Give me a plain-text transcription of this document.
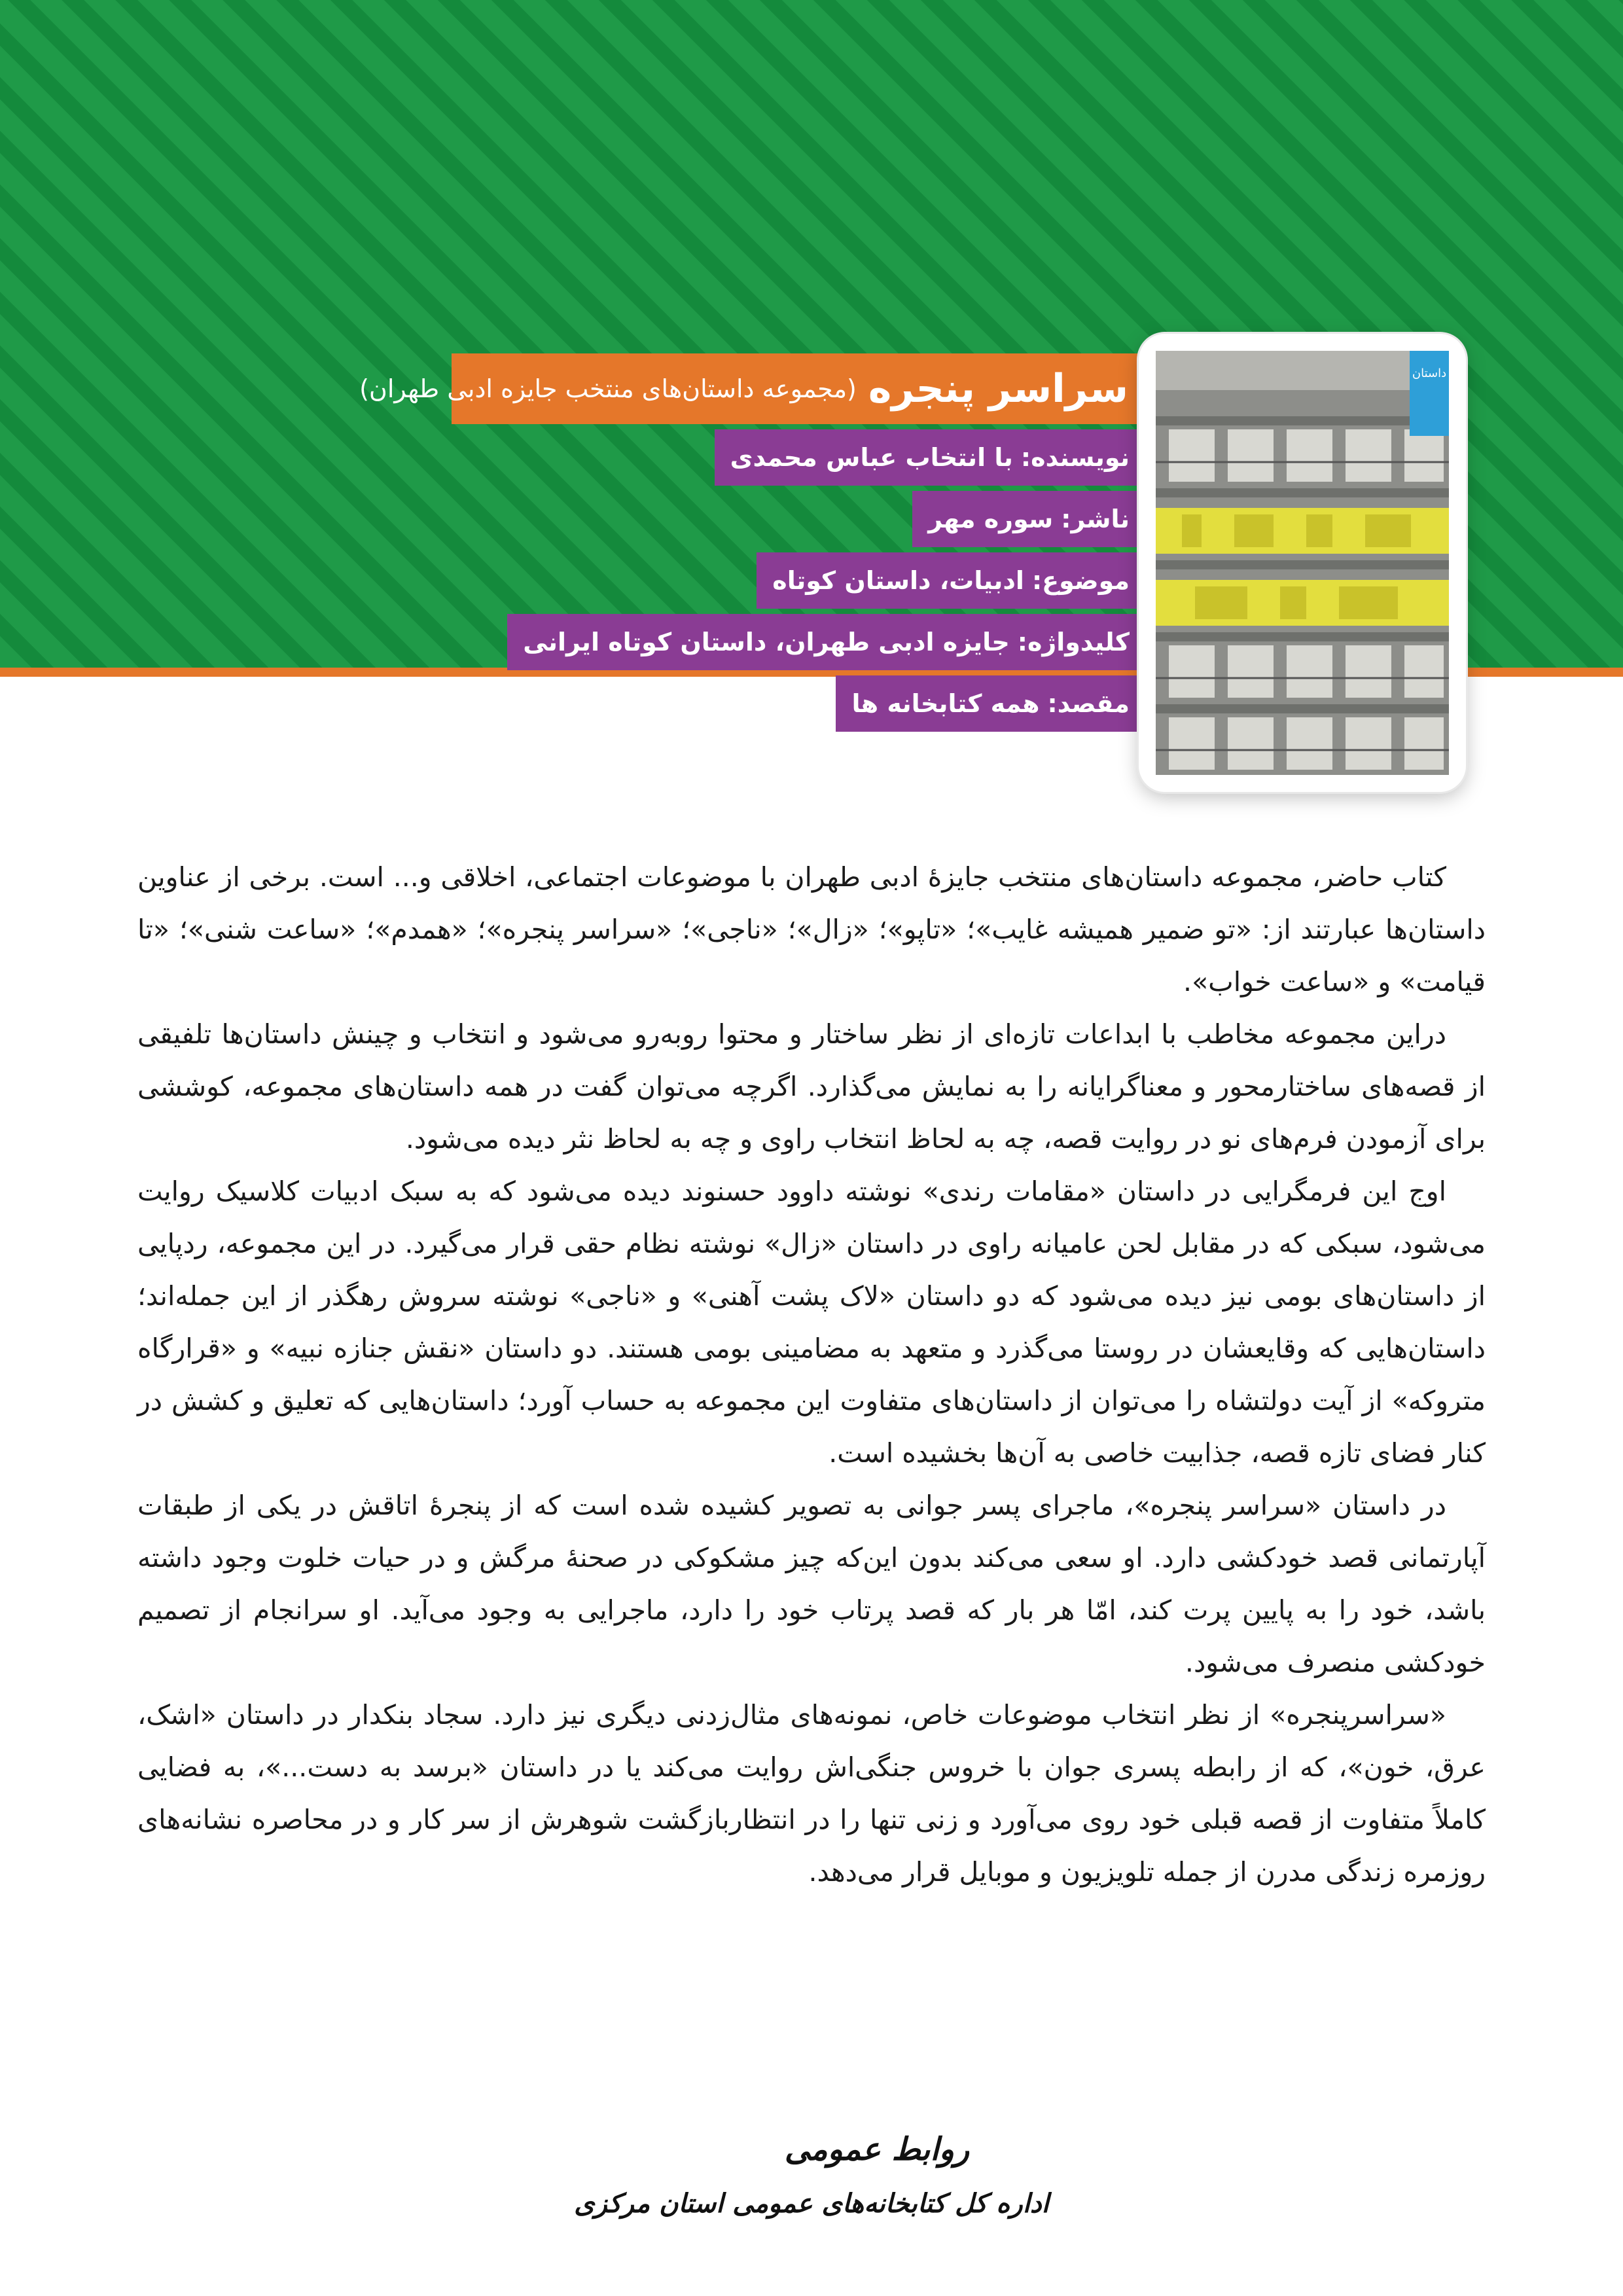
سراسر پنجره
(مجموعه داستان‌های منتخب جایزه ادبی طهران)
نویسنده:با انتخاب عباس محمدی
ناشر:سوره مهر
موضوع:ادبیات، داستان کوتاه
کلیدواژه:جایزه ادبی طهران، داستان کوتاه ایرانی
مقصد:همه کتابخانه ها
داستان

کتاب حاضر، مجموعه داستان‌های منتخب جایزۀ ادبی طهران با موضوعات اجتماعی، اخلاقی و... است. برخی از عناوین داستان‌ها عبارتند از: «تو ضمیر همیشه غایب»؛ «تاپو»؛ «زال»؛ «ناجی»؛ «سراسر پنجره»؛ «همدم»؛ «ساعت شنی»؛ «تا قیامت» و «ساعت خواب».

دراین مجموعه مخاطب با ابداعات تازه‌ای از نظر ساختار و محتوا روبه‌رو می‌شود و انتخاب و چینش داستان‌ها تلفیقی از قصه‌های ساختارمحور و معناگرایانه را به نمایش می‌گذارد. اگرچه می‌توان گفت در همه داستان‌های مجموعه، کوششی برای آزمودن فرم‌های نو در روایت قصه، چه به لحاظ انتخاب راوی و چه به لحاظ نثر دیده می‌شود.

اوج این فرمگرایی در داستان «مقامات رندی» نوشته داوود حسنوند دیده می‌شود که به سبک ادبیات کلاسیک روایت می‌شود، سبکی که در مقابل لحن عامیانه راوی در داستان «زال» نوشته نظام حقی قرار می‌گیرد. در این مجموعه، ردپایی از داستان‌های بومی نیز دیده می‌شود که دو داستان «لاک پشت آهنی» و «ناجی» نوشته سروش رهگذر از این جمله‌اند؛ داستان‌هایی که وقایعشان در روستا می‌گذرد و متعهد به مضامینی بومی هستند. دو داستان «نقش جنازه نبیه» و «قرارگاه متروکه» از آیت دولتشاه را می‌توان از داستان‌های متفاوت این مجموعه به حساب آورد؛ داستان‌هایی که تعلیق و کشش در کنار فضای تازه قصه، جذابیت خاصی به آن‌ها بخشیده است.

در داستان «سراسر پنجره»، ماجرای پسر جوانی به تصویر کشیده شده است که از پنجرۀ اتاقش در یکی از طبقات آپارتمانی قصد خودکشی دارد. او سعی می‌کند بدون این‌که چیز مشکوکی در صحنۀ مرگش و در حیات خلوت وجود داشته باشد، خود را به پایین پرت کند، امّا هر بار که قصد پرتاب خود را دارد، ماجرایی به وجود می‌آید. او سرانجام از تصمیم خودکشی منصرف می‌شود.

«سراسرپنجره» از نظر انتخاب موضوعات خاص، نمونه‌های مثال‌زدنی دیگری نیز دارد. سجاد بنکدار در داستان «اشک، عرق، خون»، که از رابطه پسری جوان با خروس جنگی‌اش روایت می‌کند یا در داستان «برسد به دست...»، به فضایی کاملاً متفاوت از قصه قبلی خود روی می‌آورد و زنی تنها را در انتظاربازگشت شوهرش از سر کار و در محاصره نشانه‌های روزمره زندگی مدرن از جمله تلویزیون و موبایل قرار می‌دهد.

روابط عمومی
اداره کل کتابخانه‌های عمومی استان مرکزی
